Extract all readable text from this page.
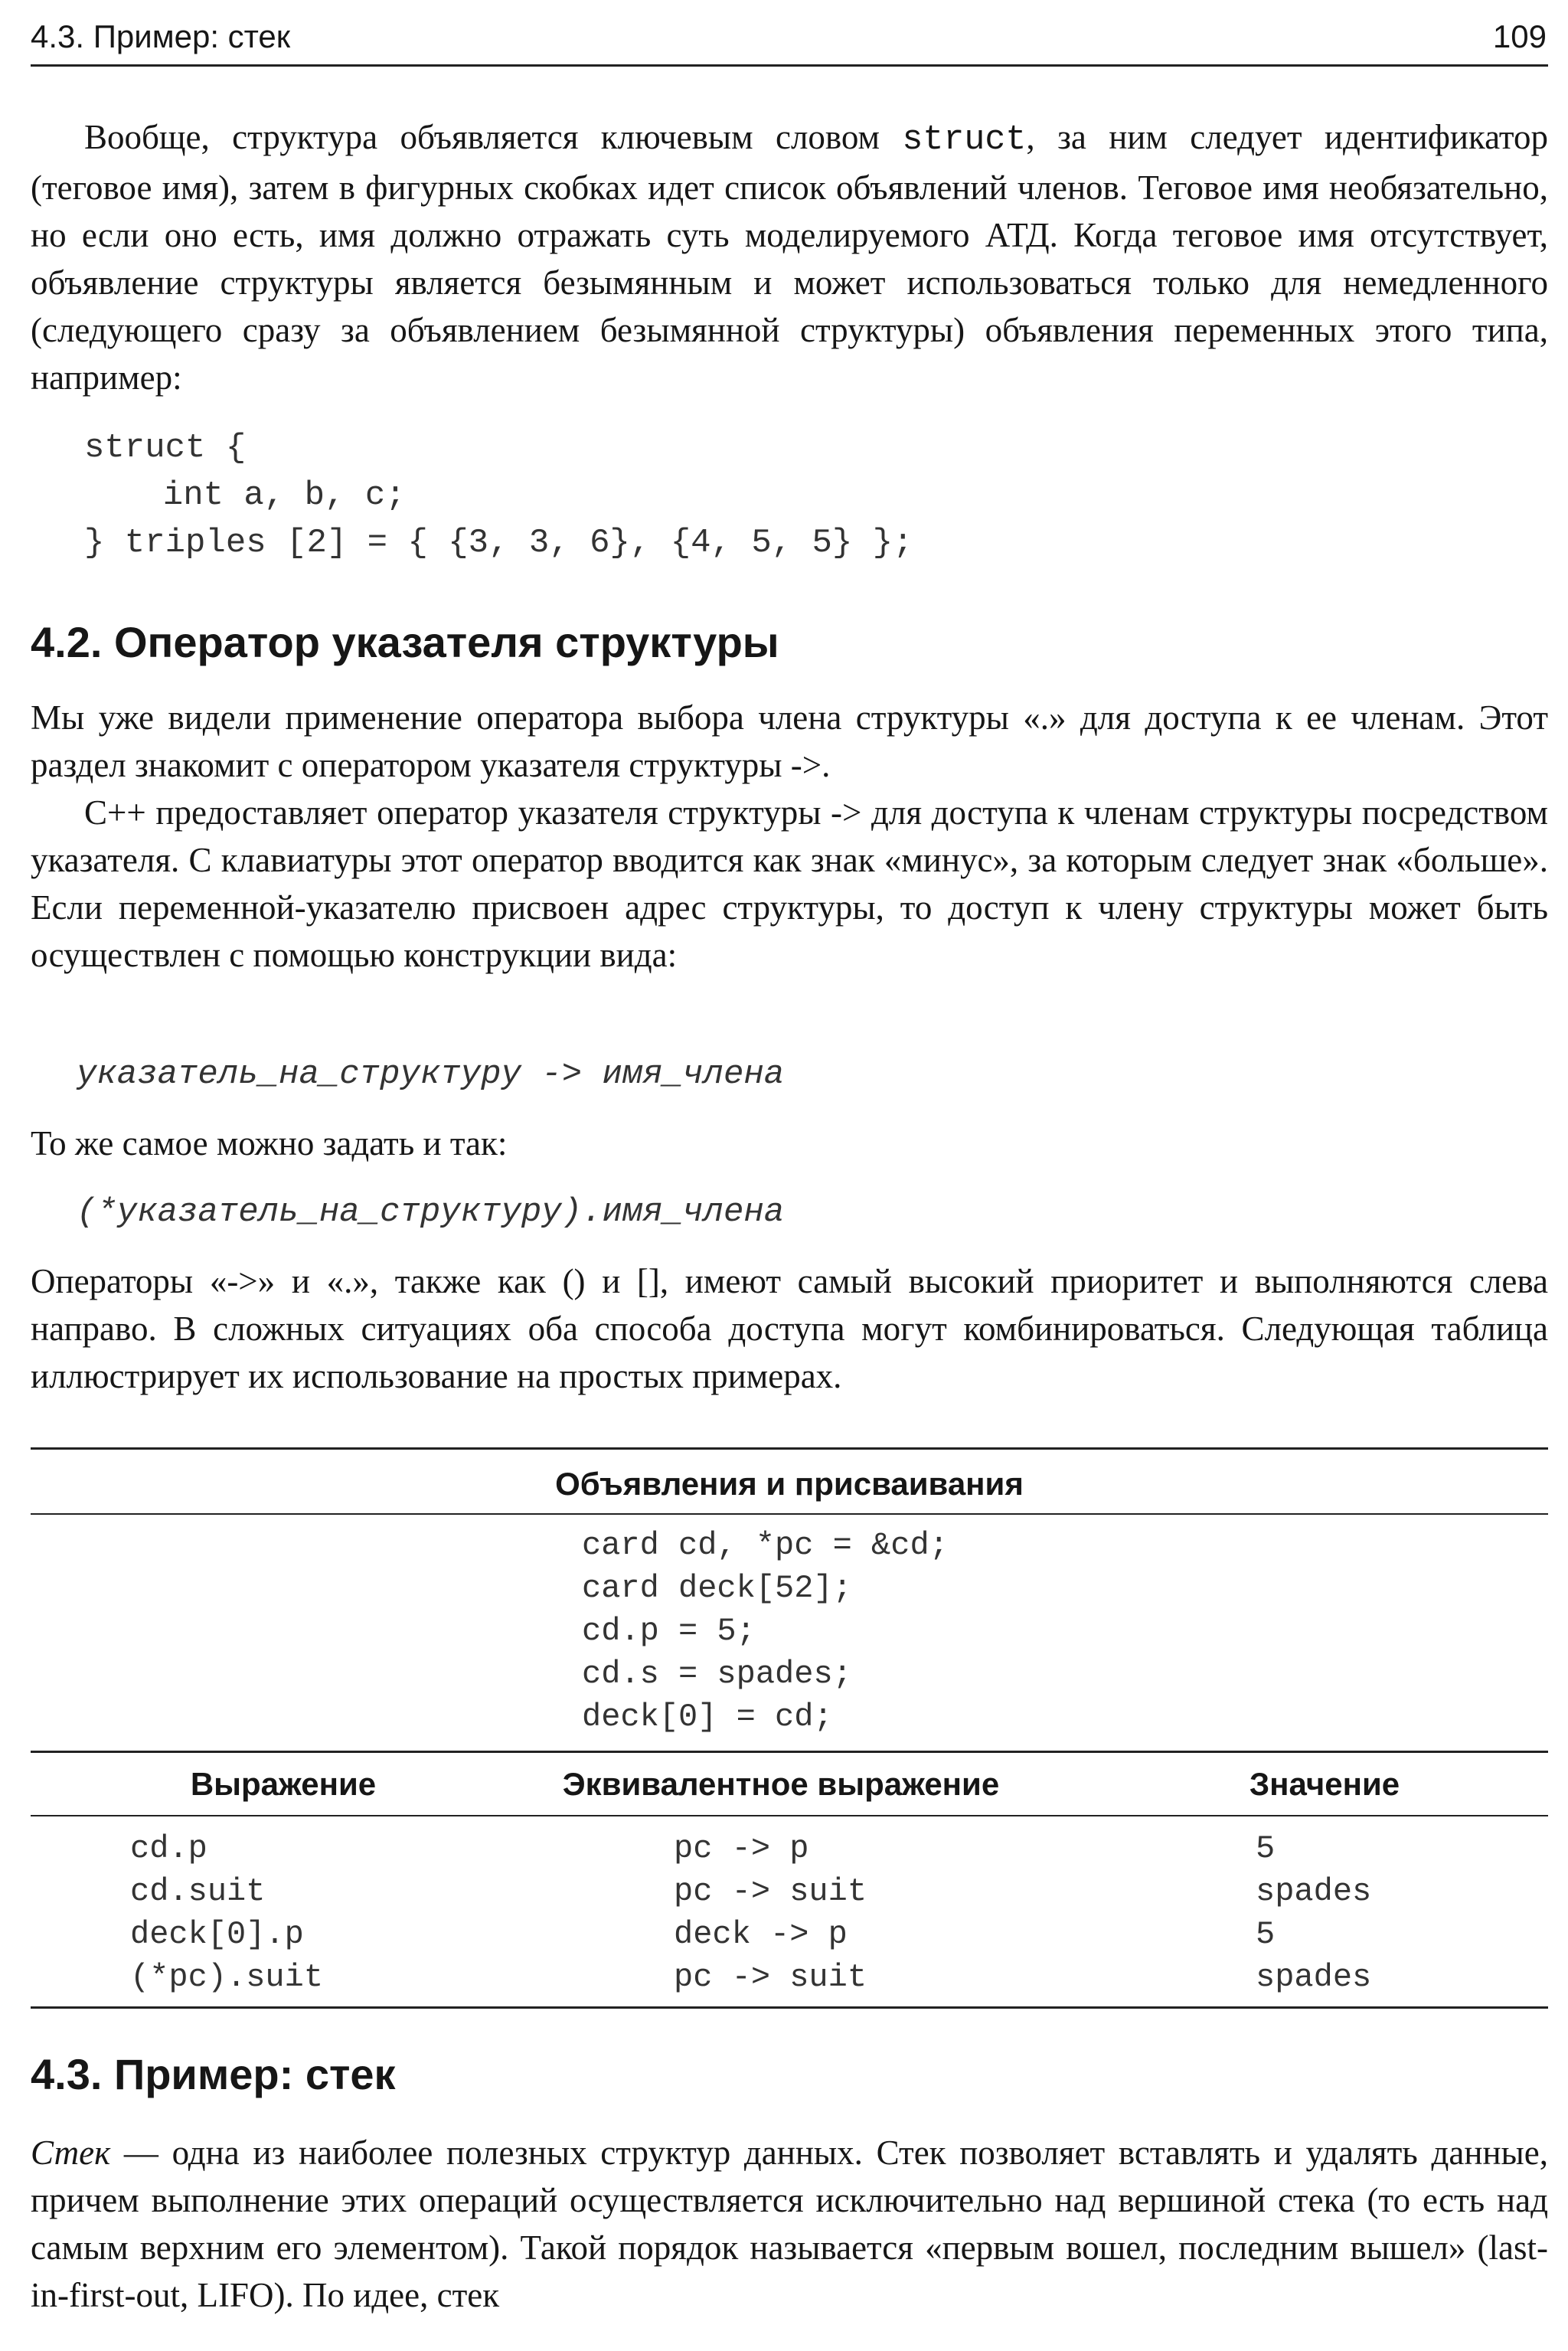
4.3. Пример: стек	109
Вообще, структура объявляется ключевым словом struct, за ним следует идентификатор (теговое имя), затем в фигурных скобках идет список объявлений членов. Теговое имя необязательно, но если оно есть, имя должно отражать суть моделируемого АТД. Когда теговое имя отсутствует, объявление структуры является безымянным и может использоваться только для немедленного (следующего сразу за объявлением безымянной структуры) объявления переменных этого типа, например:
struct {
int a, b, c;
} triples [2] = { {3, 3, 6}, {4, 5, 5} };
4.2. Оператор указателя структуры
Мы уже видели применение оператора выбора члена структуры «.» для доступа к ее членам. Этот раздел знакомит с оператором указателя структуры ->.
C++ предоставляет оператор указателя структуры -> для доступа к членам структуры посредством указателя. С клавиатуры этот оператор вводится как знак «минус», за которым следует знак «больше». Если переменной-указателю присвоен адрес структуры, то доступ к члену структуры может быть осуществлен с помощью конструкции вида:
указатель_на_структуру -> имя_члена
То же самое можно задать и так:
(*указатель_на_структуру).имя_члена
Операторы «->» и «.», также как () и [], имеют самый высокий приоритет и выполняются слева направо. В сложных ситуациях оба способа доступа могут комбинироваться. Следующая таблица иллюстрирует их использование на простых примерах.
Объявления и присваивания
card cd, *pc = &cd;
card deck[52];
cd.p = 5;
cd.s = spades;
deck[0] = cd;
Выражение	Эквивалентное выражение	Значение
cd.p	pc -> p	5
cd.suit	pc -> suit	spades
deck[0].p	deck -> p	5
(*pc).suit	pc -> suit	spades
4.3. Пример: стек
Стек — одна из наиболее полезных структур данных. Стек позволяет вставлять и удалять данные, причем выполнение этих операций осуществляется исключительно над вершиной стека (то есть над самым верхним его элементом). Такой порядок называется «первым вошел, последним вышел» (last-in-first-out, LIFO). По идее, стек
